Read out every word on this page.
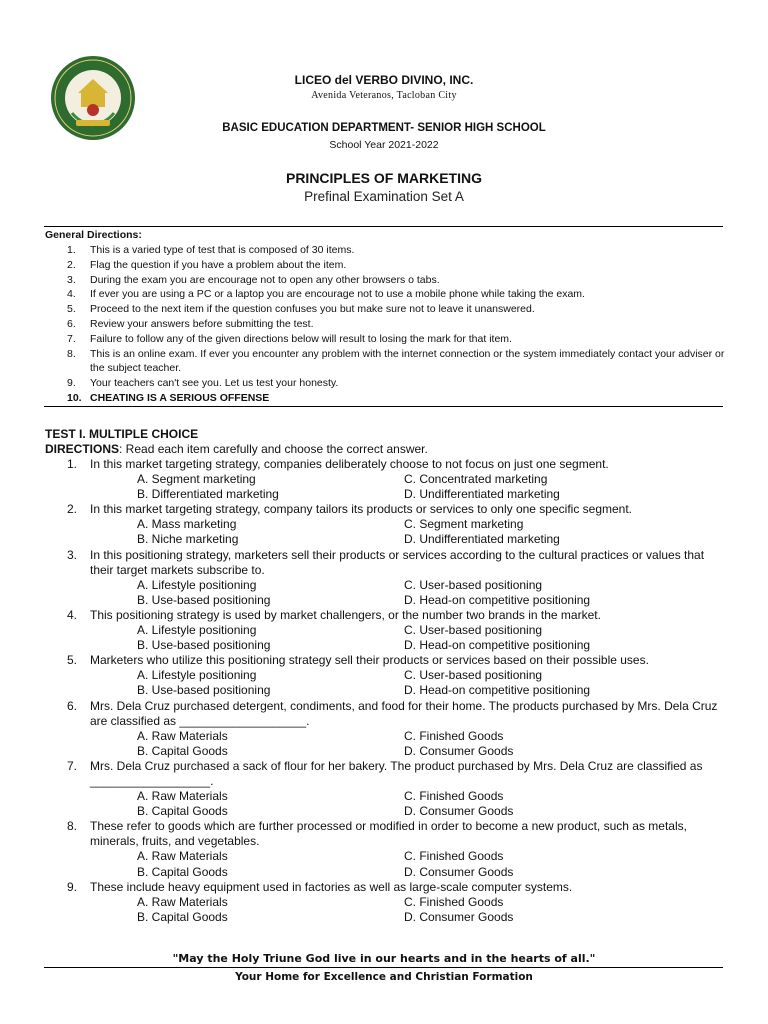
LICEO del VERBO DIVINO, INC.
Avenida Veteranos, Tacloban City
BASIC EDUCATION DEPARTMENT- SENIOR HIGH SCHOOL
School Year 2021-2022
PRINCIPLES OF MARKETING
Prefinal Examination Set A
General Directions:
1. This is a varied type of test that is composed of 30 items.
2. Flag the question if you have a problem about the item.
3. During the exam you are encourage not to open any other browsers o tabs.
4. If ever you are using a PC or a laptop you are encourage not to use a mobile phone while taking the exam.
5. Proceed to the next item if the question confuses you but make sure not to leave it unanswered.
6. Review your answers before submitting the test.
7. Failure to follow any of the given directions below will result to losing the mark for that item.
8. This is an online exam. If ever you encounter any problem with the internet connection or the system immediately contact your adviser or the subject teacher.
9. Your teachers can't see you. Let us test your honesty.
10. CHEATING IS A SERIOUS OFFENSE
TEST I. MULTIPLE CHOICE
DIRECTIONS: Read each item carefully and choose the correct answer.
1. In this market targeting strategy, companies deliberately choose to not focus on just one segment.
A. Segment marketing	C. Concentrated marketing
B. Differentiated marketing	D. Undifferentiated marketing
2. In this market targeting strategy, company tailors its products or services to only one specific segment.
A. Mass marketing	C. Segment marketing
B. Niche marketing	D. Undifferentiated marketing
3. In this positioning strategy, marketers sell their products or services according to the cultural practices or values that their target markets subscribe to.
A. Lifestyle positioning	C. User-based positioning
B. Use-based positioning	D. Head-on competitive positioning
4. This positioning strategy is used by market challengers, or the number two brands in the market.
A. Lifestyle positioning	C. User-based positioning
B. Use-based positioning	D. Head-on competitive positioning
5. Marketers who utilize this positioning strategy sell their products or services based on their possible uses.
A. Lifestyle positioning	C. User-based positioning
B. Use-based positioning	D. Head-on competitive positioning
6. Mrs. Dela Cruz purchased detergent, condiments, and food for their home. The products purchased by Mrs. Dela Cruz are classified as ___________________.
A. Raw Materials	C. Finished Goods
B. Capital Goods	D. Consumer Goods
7. Mrs. Dela Cruz purchased a sack of flour for her bakery. The product purchased by Mrs. Dela Cruz are classified as __________________.
A. Raw Materials	C. Finished Goods
B. Capital Goods	D. Consumer Goods
8. These refer to goods which are further processed or modified in order to become a new product, such as metals, minerals, fruits, and vegetables.
A. Raw Materials	C. Finished Goods
B. Capital Goods	D. Consumer Goods
9. These include heavy equipment used in factories as well as large-scale computer systems.
A. Raw Materials	C. Finished Goods
B. Capital Goods	D. Consumer Goods
"May the Holy Triune God live in our hearts and in the hearts of all."
Your Home for Excellence and Christian Formation
